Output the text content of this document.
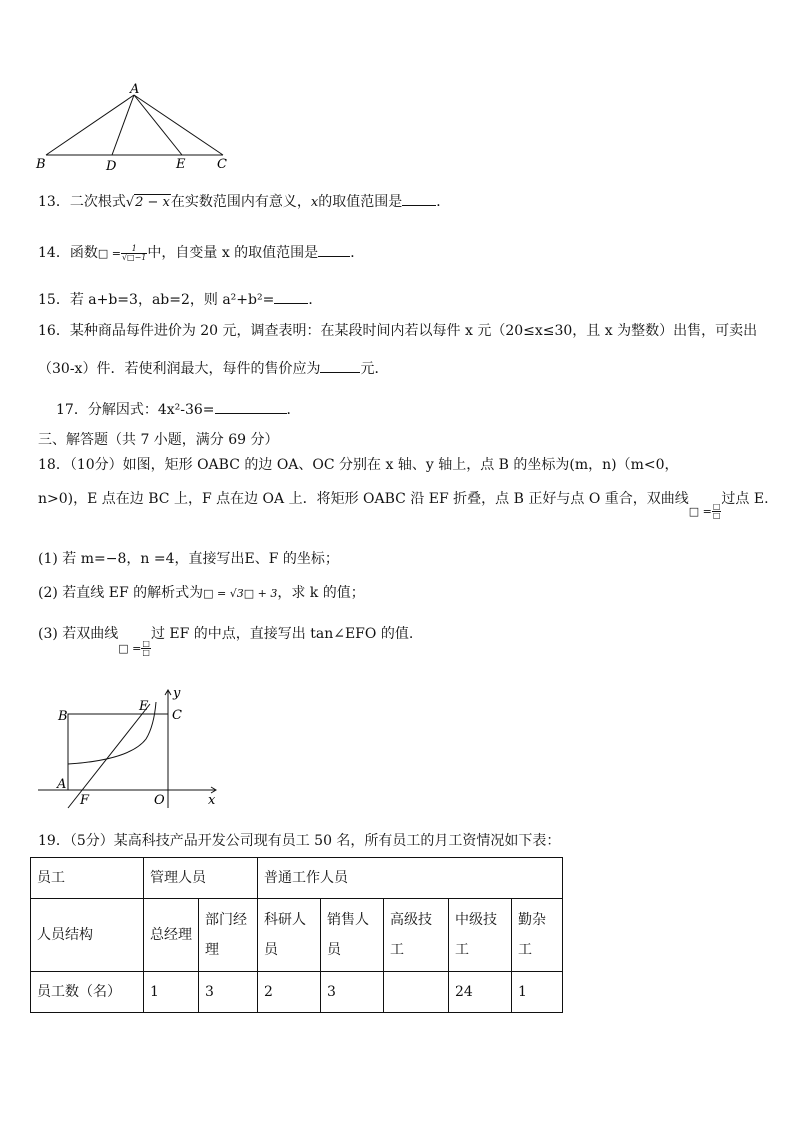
A
B	D	E C
13．二次根式√2 − x在实数范围内有意义，x的取值范围是 ．
14．函数□ = $\frac{1}{√□-1}$ 中，自变量 x 的取值范围是 ．
15．若 a+b=3，ab=2，则 a²+b²= ．
16．某种商品每件进价为 20 元，调查表明：在某段时间内若以每件 x 元（20≤x≤30，且 x 为整数）出售，可卖出
（30-x）件．若使利润最大，每件的售价应为	元．
17．分解因式：4x²-36=	．
三、解答题（共 7 小题，满分 69 分）
18．（10分）如图，矩形 OABC 的边 OA、OC 分别在 x 轴、y 轴上，点 B 的坐标为(m，n)（m<0，
n>0)，E 点在边 BC 上，F 点在边 OA 上．将矩形 OABC 沿 EF 折叠，点 B 正好与点 O 重合，双曲线$_{□ =} \frac{□}{□}$
过点 E.
(1) 若 m=−8，n =4，直接写出E、F 的坐标；
(2) 若直线 EF 的解析式为□ = √3□ + 3，求 k 的值；
(3) 若双曲线$_{□ =} \frac{□}{□}$
过 EF 的中点，直接写出 tan∠EFO 的值.
B
E
y
C
A
F	O	x
19．（5分）某高科技产品开发公司现有员工 50 名，所有员工的月工资情况如下表：
员工	管理人员		普通工作人员				
人员结构	总经理	部门经理	科研人员	销售人员	高级技工	中级技工	勤杂工
员工数（名）	1	3	2	3		24	1
